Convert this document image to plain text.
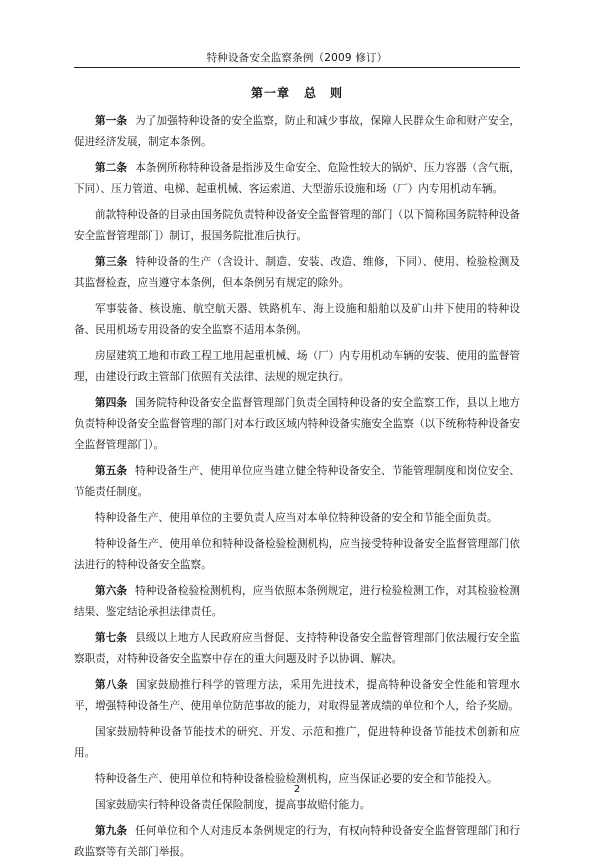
特种设备安全监察条例（2009 修订）
第一章 总　则

第一条 为了加强特种设备的安全监察，防止和减少事故，保障人民群众生命和财产安全，促进经济发展，制定本条例。

第二条 本条例所称特种设备是指涉及生命安全、危险性较大的锅炉、压力容器（含气瓶，下同）、压力管道、电梯、起重机械、客运索道、大型游乐设施和场（厂）内专用机动车辆。

前款特种设备的目录由国务院负责特种设备安全监督管理的部门（以下简称国务院特种设备安全监督管理部门）制订，报国务院批准后执行。

第三条 特种设备的生产（含设计、制造、安装、改造、维修，下同）、使用、检验检测及其监督检查，应当遵守本条例，但本条例另有规定的除外。

军事装备、核设施、航空航天器、铁路机车、海上设施和船舶以及矿山井下使用的特种设备、民用机场专用设备的安全监察不适用本条例。

房屋建筑工地和市政工程工地用起重机械、场（厂）内专用机动车辆的安装、使用的监督管理，由建设行政主管部门依照有关法律、法规的规定执行。

第四条 国务院特种设备安全监督管理部门负责全国特种设备的安全监察工作，县以上地方负责特种设备安全监督管理的部门对本行政区域内特种设备实施安全监察（以下统称特种设备安全监督管理部门）。

第五条 特种设备生产、使用单位应当建立健全特种设备安全、节能管理制度和岗位安全、节能责任制度。

特种设备生产、使用单位的主要负责人应当对本单位特种设备的安全和节能全面负责。

特种设备生产、使用单位和特种设备检验检测机构，应当接受特种设备安全监督管理部门依法进行的特种设备安全监察。

第六条 特种设备检验检测机构，应当依照本条例规定，进行检验检测工作，对其检验检测结果、鉴定结论承担法律责任。

第七条 县级以上地方人民政府应当督促、支持特种设备安全监督管理部门依法履行安全监察职责，对特种设备安全监察中存在的重大问题及时予以协调、解决。

第八条 国家鼓励推行科学的管理方法，采用先进技术，提高特种设备安全性能和管理水平，增强特种设备生产、使用单位防范事故的能力，对取得显著成绩的单位和个人，给予奖励。

国家鼓励特种设备节能技术的研究、开发、示范和推广，促进特种设备节能技术创新和应用。

特种设备生产、使用单位和特种设备检验检测机构，应当保证必要的安全和节能投入。

国家鼓励实行特种设备责任保险制度，提高事故赔付能力。

第九条 任何单位和个人对违反本条例规定的行为，有权向特种设备安全监督管理部门和行政监察等有关部门举报。

2
